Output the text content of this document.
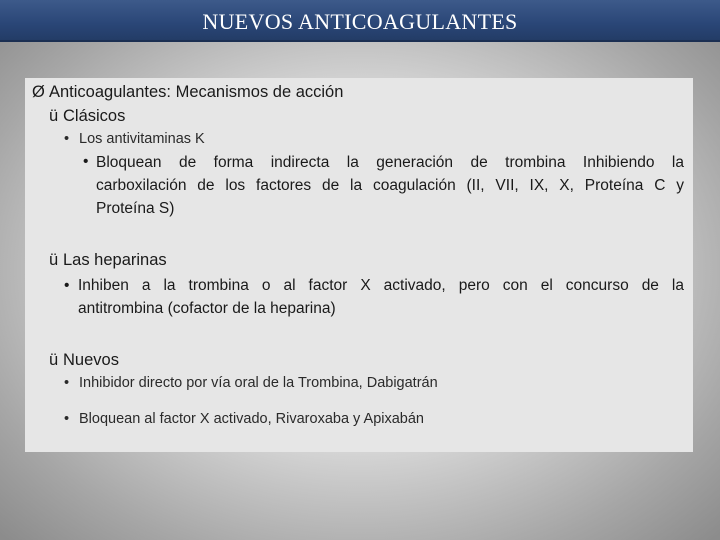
NUEVOS ANTICOAGULANTES
Ø Anticoagulantes: Mecanismos de acción
ü Clásicos
• Los antivitaminas K
• Bloquean de forma indirecta la generación de trombina Inhibiendo la
carboxilación de los factores de la coagulación (II, VII, IX, X, Proteína C y
Proteína S)
ü Las heparinas
• Inhiben a la trombina o al factor X activado, pero con el concurso de la
antitrombina (cofactor de la heparina)
ü Nuevos
• Inhibidor directo por vía oral de la Trombina, Dabigatrán
• Bloquean al factor X activado, Rivaroxaba y Apixabán
